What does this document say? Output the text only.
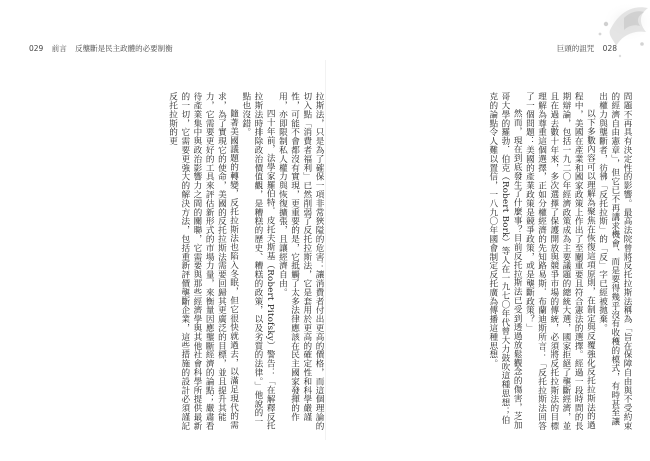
029 前言 反壟斷是民主政體的必要制衡	巨頭的詛咒 028
問題不再具有決定性的影響。最高法院曾將反托拉斯法稱為「旨在保障自由與不受約束的經濟自由憲章」，但它已不再講求機會、而是要得幾乎沒有收穫的模式，有時甚至讓出權力與壟斷者，彷彿「反托拉斯」的「反」字已經被拋棄。
以下多數內容可以理解為聚焦在恢復這項原則，在制定與反覆強化反托拉斯法的過程中，美國在產業和國家政策上作出了至關重要且符合憲法的選擇。經過一段時間的長期辯論，包括一九二〇年經濟政策成為主要議題的總統大選，國家拒絕了壟斷經濟，並且在過去數十年來，多次選擇了保護開放與競爭市場的傳統，必須將反托拉斯法的目標理解為尊重這個選擇，正如分權經濟的先知路易斯．布蘭迪斯所言：「反托拉斯法回答了一個問題：美國的產業政策是競爭政策，或是壟斷政策？」
然而，現在到底發生了什麼事？目前反托拉斯法已受到透過放鬆觀念的傷害，芝加哥大學的羅勃．伯克（Robert Bork）等人在一九七〇年代曾大力鼓吹這種思想；伯克的論點令人難以置信，一八九〇年國會制定反托廣為傳播這種思想。
拉斯法，只是為了確保一項非常狹隘的危害：讓消費者付出更高的價格，而這個理論的切入點「消費者福利」已然削弱了反托拉斯法，它是套用於更高的確定性和科學嚴謹性，可能不會都沒有實現，更重要的是，它抵觸了太多法律應該在民主國家發揮的作用，亦即限制私人權力與恢復擴張，且讓經濟自由。
四十年前，法學家羅伯特．皮托夫斯基（Robert Pitofsky）警告：「在解釋反托拉斯法時排除政治價值觀，是糟糕的歷史、糟糕的政策，以及劣質的法律。」他說的一點也沒錯。
隨著美國議題的轉變，反托拉斯法也陷入冬眠，但它很快就過去，以滿足現代的需求，為了實現它的使命，美國的反托拉斯法需要回歸其更廣泛的目標，並且提升其能力，它需要更好的工具來評估新形式的市場力量，來衡量因應壟斷經濟的論點；嚴肅看待產業集中與政治影響力之間的關聯，它需要與那些經濟學與其他社會科學所提供最新的一切，它需要更強大的解決方法，包括重新評價壟斷企業，這些措施的設計必須謹記反托拉斯的更
